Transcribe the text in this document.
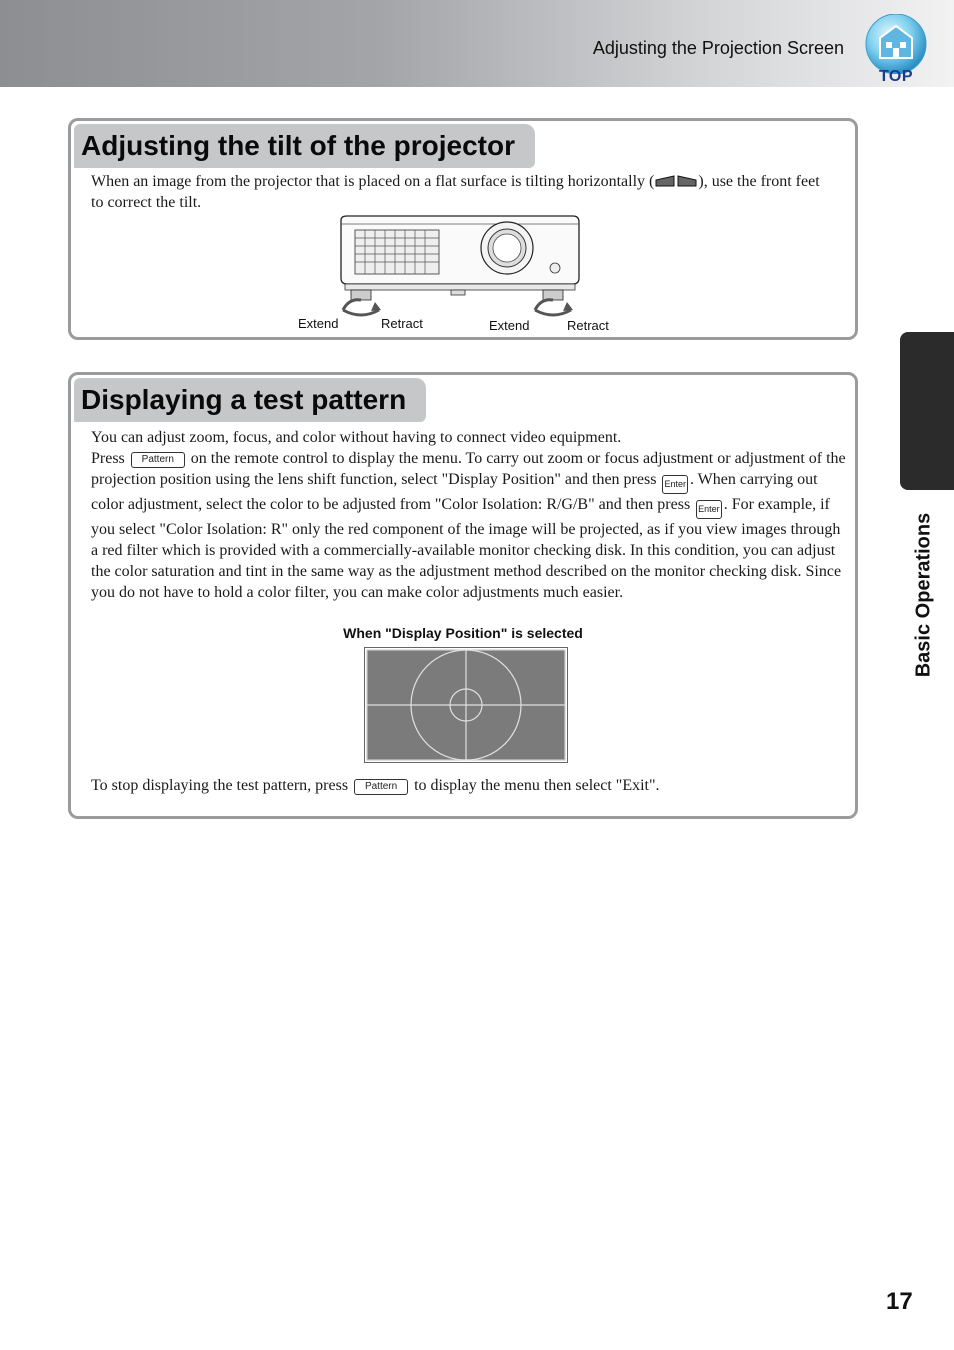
Adjusting the Projection Screen
TOP
Basic Operations
Adjusting the tilt of the projector
When an image from the projector that is placed on a flat surface is tilting horizontally (	), use the front feet to correct the tilt.
Extend	Retract	Extend	Retract
Displaying a test pattern
You can adjust zoom, focus, and color without having to connect video equipment.
Press Pattern on the remote control to display the menu. To carry out zoom or focus adjustment or adjustment of the projection position using the lens shift function, select "Display Position" and then press Enter . When carrying out color adjustment, select the color to be adjusted from "Color Isolation: R/G/B" and then press Enter . For example, if you select "Color Isolation: R" only the red component of the image will be projected, as if you view images through a red filter which is provided with a commercially-available monitor checking disk. In this condition, you can adjust the color saturation and tint in the same way as the adjustment method described on the monitor checking disk. Since you do not have to hold a color filter, you can make color adjustments much easier.
When "Display Position" is selected
To stop displaying the test pattern, press Pattern to display the menu then select "Exit".
17
